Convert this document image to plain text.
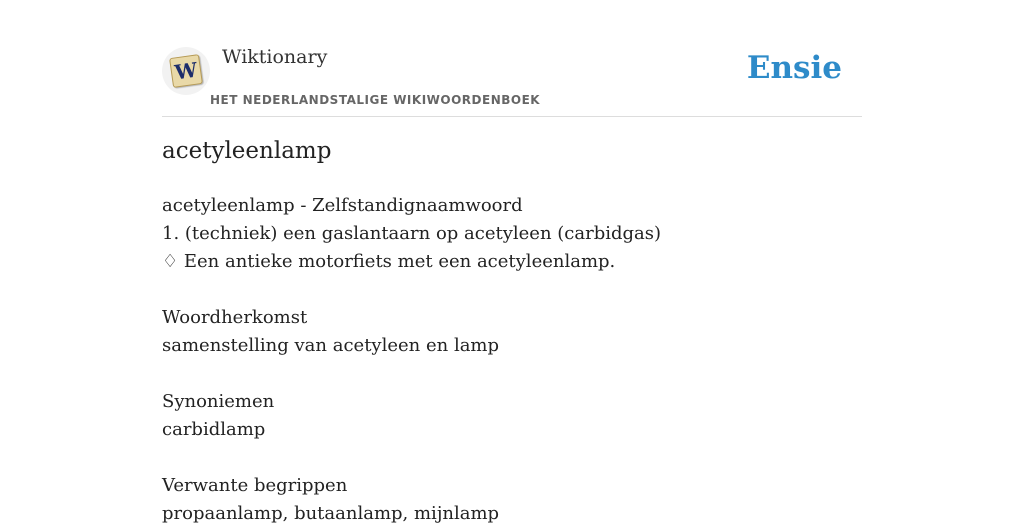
W
Wiktionary
HET NEDERLANDSTALIGE WIKIWOORDENBOEK
Ensie
acetyleenlamp
acetyleenlamp - Zelfstandignaamwoord
1. (techniek) een gaslantaarn op acetyleen (carbidgas)
♢ Een antieke motorfiets met een acetyleenlamp.
Woordherkomst
samenstelling van acetyleen en lamp
Synoniemen
carbidlamp
Verwante begrippen
propaanlamp, butaanlamp, mijnlamp
